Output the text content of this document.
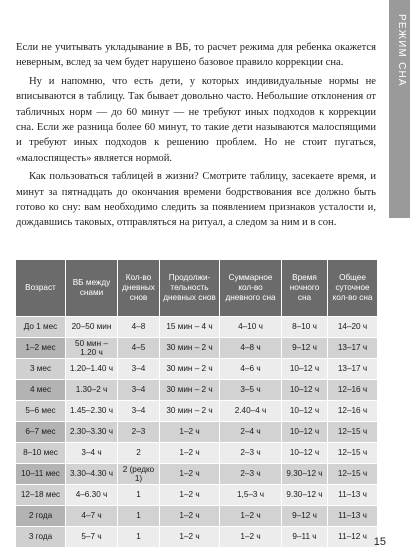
РЕЖИМ СНА

Если не учитывать укладывание в ВБ, то расчет режима для ребенка окажется неверным, вслед за чем будет нарушено базовое правило коррекции сна.

Ну и напомню, что есть дети, у которых индивидуальные нормы не вписываются в таблицу. Так бывает довольно часто. Небольшие отклонения от табличных норм — до 60 минут — не требуют иных подходов к коррекции сна. Если же разница более 60 минут, то такие дети называются малоспящими и требуют иных подходов к решению проблем. Но не стоит пугаться, «малоспящесть» является нормой.

Как пользоваться таблицей в жизни? Смотрите таблицу, засекаете время, и минут за пятнадцать до окончания времени бодрствования все должно быть готово ко сну: вам необходимо следить за появлением признаков усталости и, дождавшись таковых, отправляться на ритуал, а следом за ним и в сон.

Возраст	ВБ между снами	Кол-во дневных снов	Продолжи-тельность дневных снов	Суммарное кол-во дневного сна	Время ночного сна	Общее суточное кол-во сна
До 1 мес	20–50 мин	4–8	15 мин – 4 ч	4–10 ч	8–10 ч	14–20 ч
1–2 мес	50 мин – 1.20 ч	4–5	30 мин – 2 ч	4–8 ч	9–12 ч	13–17 ч
3 мес	1.20–1.40 ч	3–4	30 мин – 2 ч	4–6 ч	10–12 ч	13–17 ч
4 мес	1.30–2 ч	3–4	30 мин – 2 ч	3–5 ч	10–12 ч	12–16 ч
5–6 мес	1.45–2.30 ч	3–4	30 мин – 2 ч	2.40–4 ч	10–12 ч	12–16 ч
6–7 мес	2.30–3.30 ч	2–3	1–2 ч	2–4 ч	10–12 ч	12–15 ч
8–10 мес	3–4 ч	2	1–2 ч	2–3 ч	10–12 ч	12–15 ч
10–11 мес	3.30–4.30 ч	2 (редко 1)	1–2 ч	2–3 ч	9.30–12 ч	12–15 ч
12–18 мес	4–6.30 ч	1	1–2 ч	1,5–3 ч	9.30–12 ч	11–13 ч
2 года	4–7 ч	1	1–2 ч	1–2 ч	9–12 ч	11–13 ч
3 года	5–7 ч	1	1–2 ч	1–2 ч	9–11 ч	11–12 ч 15
